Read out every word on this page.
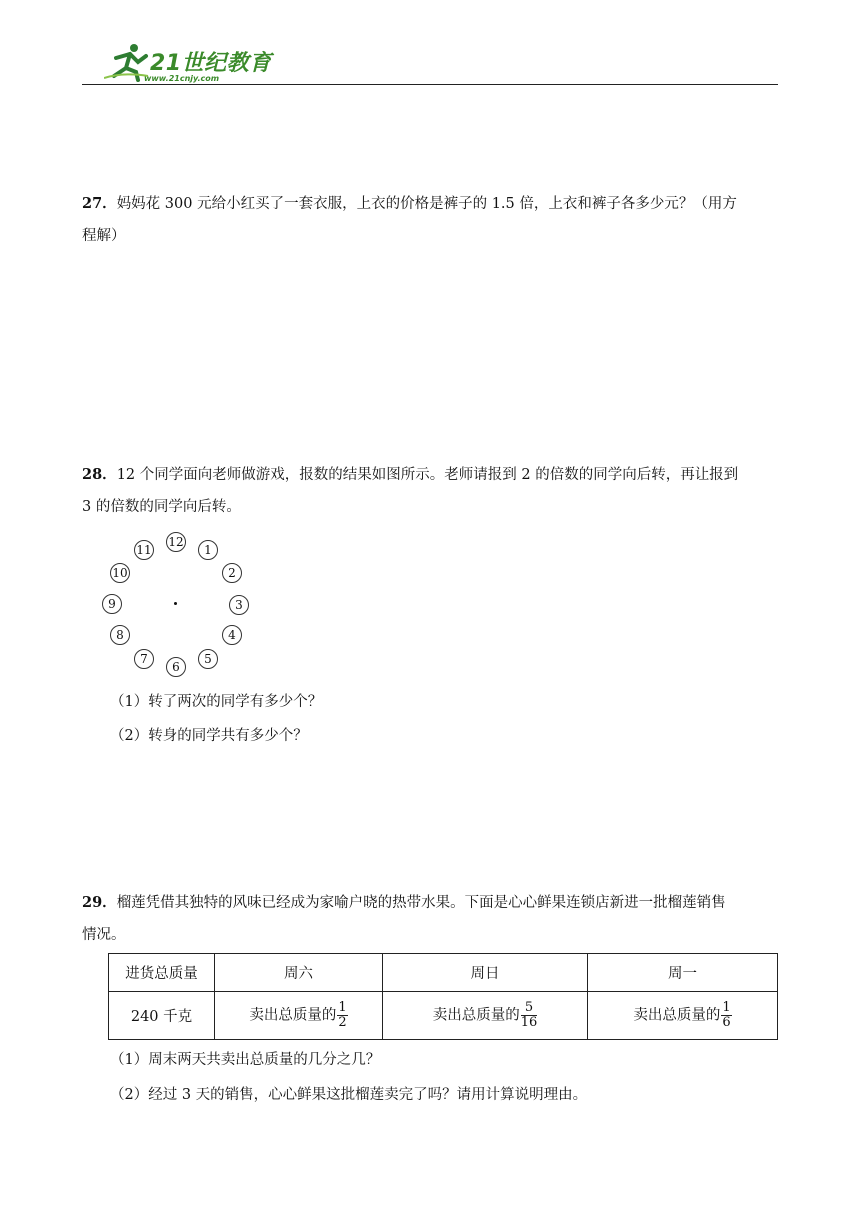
21世纪教育
www.21cnjy.com
27．妈妈花 300 元给小红买了一套衣服，上衣的价格是裤子的 1.5 倍，上衣和裤子各多少元？（用方
程解）
28．12 个同学面向老师做游戏，报数的结果如图所示。老师请报到 2 的倍数的同学向后转，再让报到
3 的倍数的同学向后转。
12
1
2
3
4
5
6
7
8
9
10
11
（1）转了两次的同学有多少个？
（2）转身的同学共有多少个？
29．榴莲凭借其独特的风味已经成为家喻户晓的热带水果。下面是心心鲜果连锁店新进一批榴莲销售
情况。
进货总质量	周六	周日	周一
240 千克	卖出总质量的 $\frac{1}{2}$	卖出总质量的 $\frac{5}{16}$	卖出总质量的 $\frac{1}{6}$
（1）周末两天共卖出总质量的几分之几？
（2）经过 3 天的销售，心心鲜果这批榴莲卖完了吗？请用计算说明理由。
